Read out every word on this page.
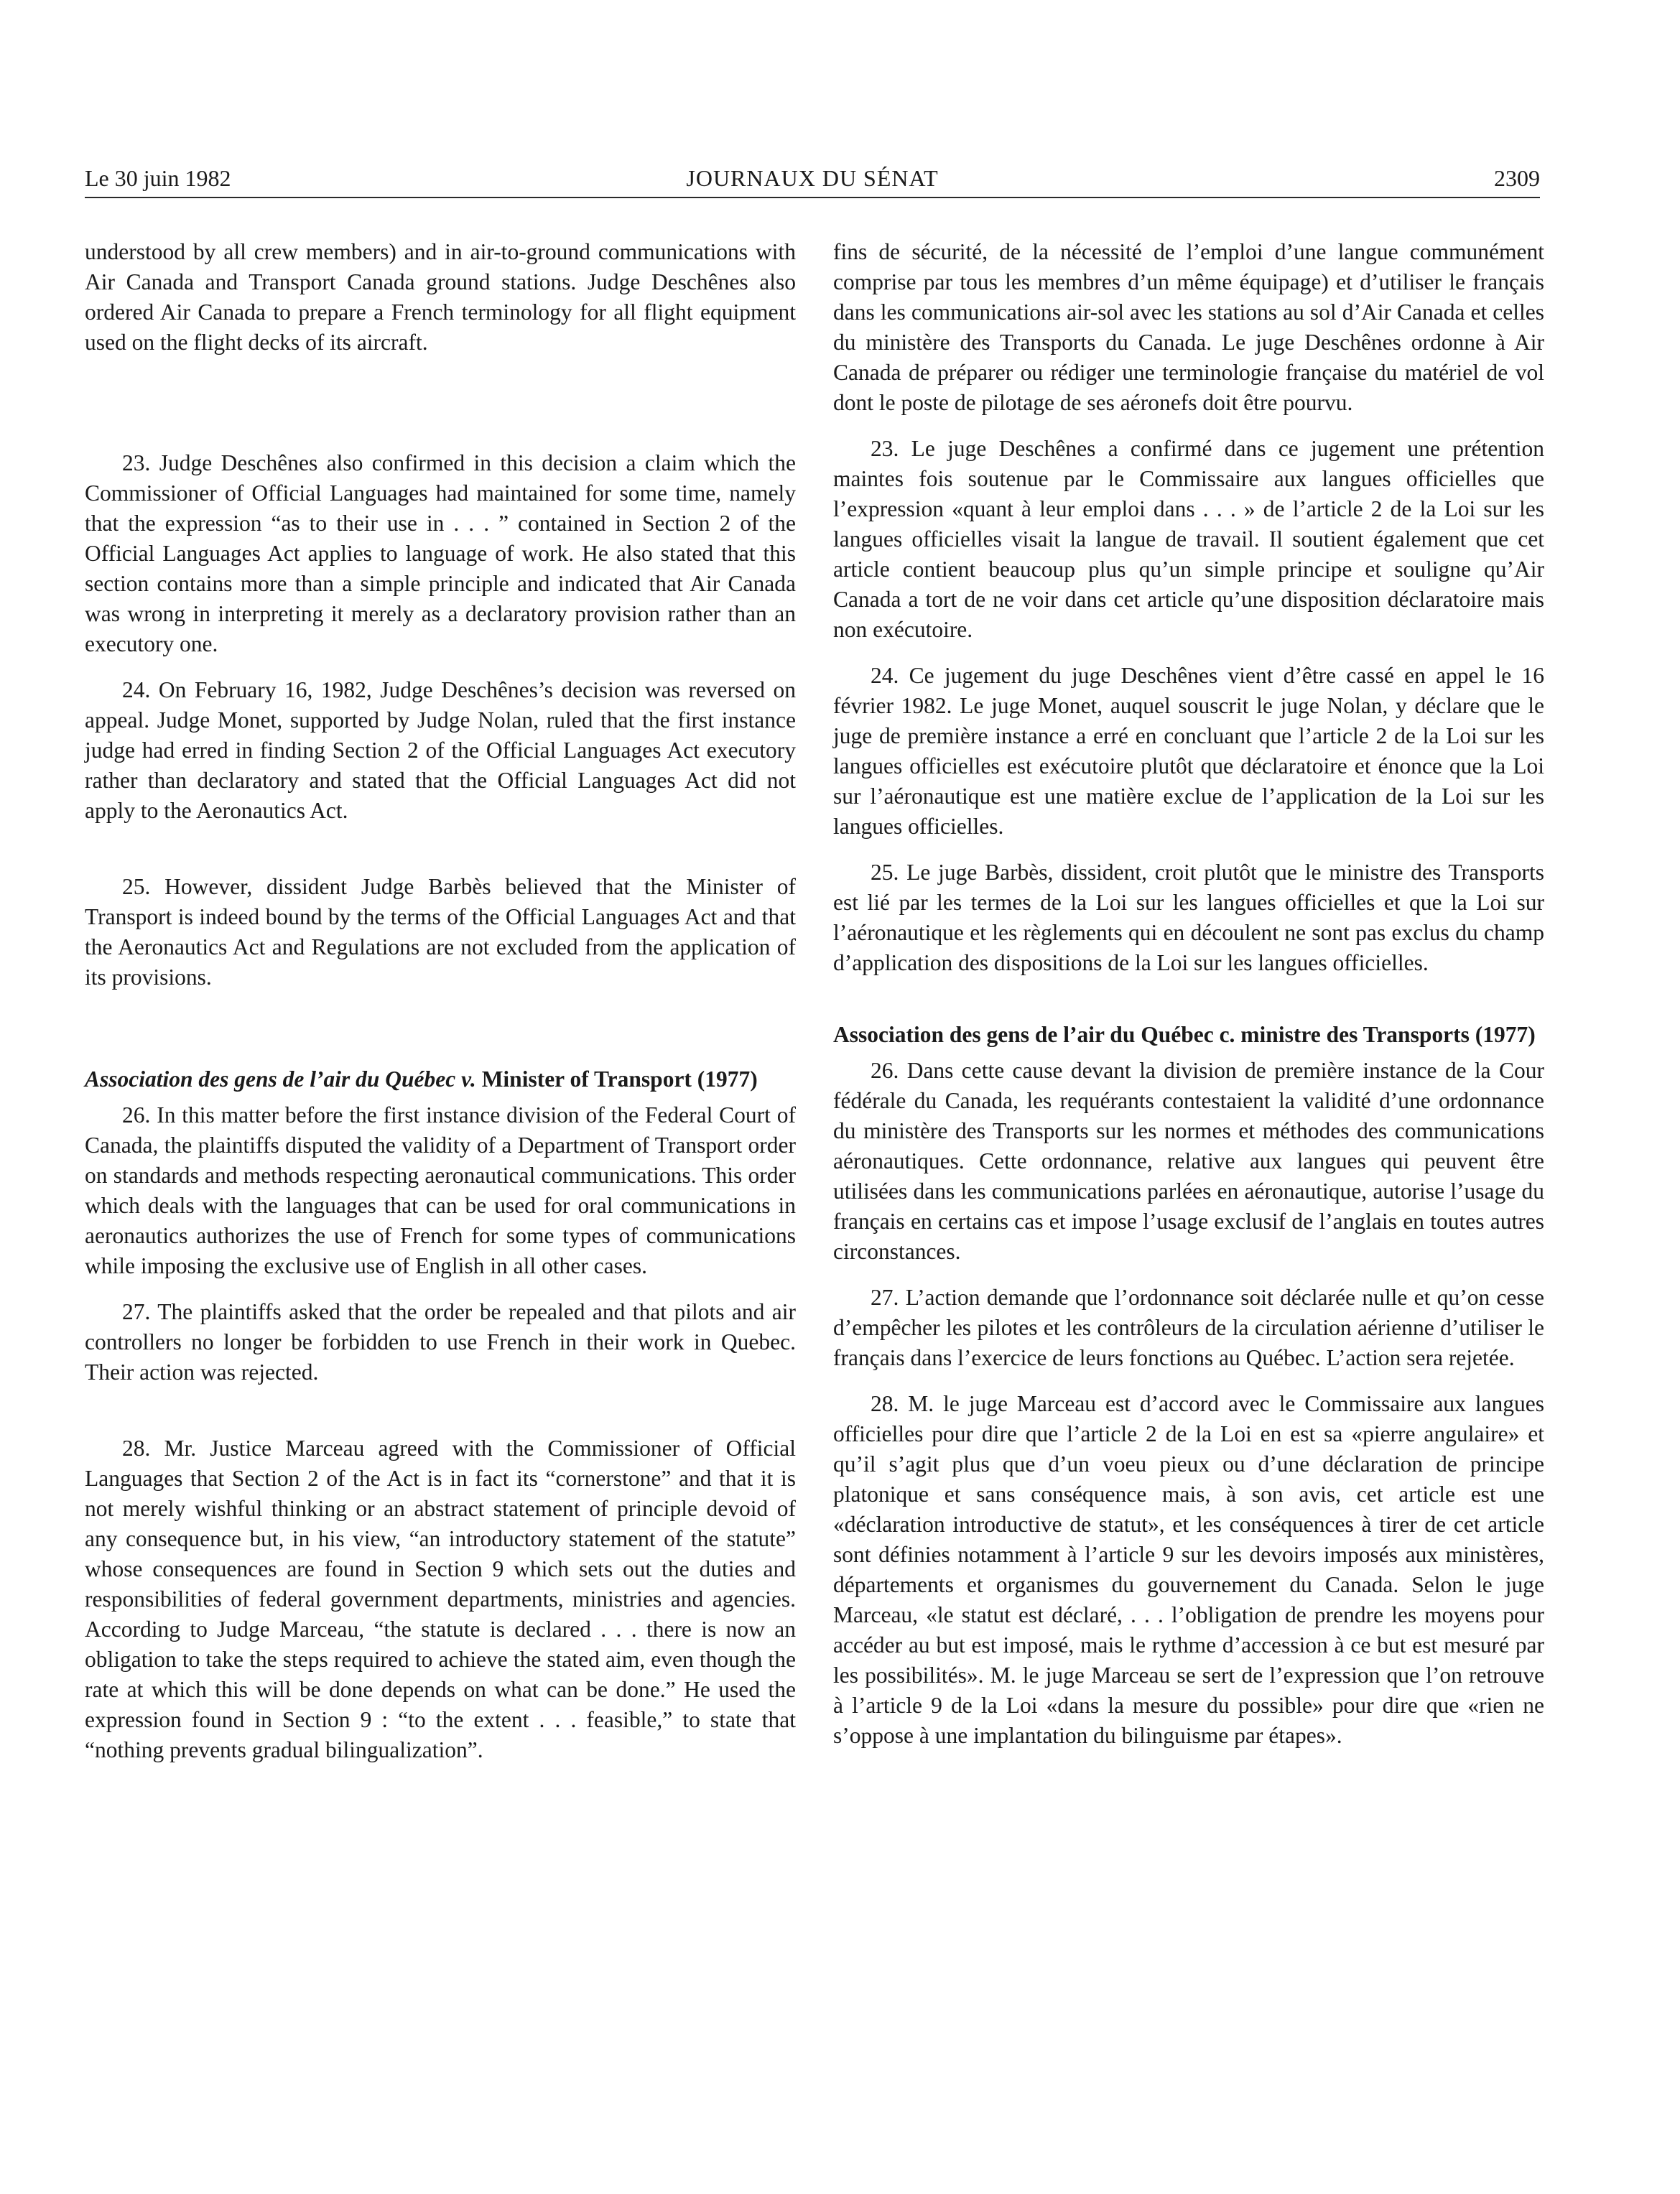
Le 30 juin 1982	JOURNAUX DU SÉNAT	2309

understood by all crew members) and in air-to-ground communications with Air Canada and Transport Canada ground stations. Judge Deschênes also ordered Air Canada to prepare a French terminology for all flight equipment used on the flight decks of its aircraft.

23. Judge Deschênes also confirmed in this decision a claim which the Commissioner of Official Languages had maintained for some time, namely that the expression “as to their use in . . . ” contained in Section 2 of the Official Languages Act applies to language of work. He also stated that this section contains more than a simple principle and indicated that Air Canada was wrong in interpreting it merely as a declaratory provision rather than an executory one.

24. On February 16, 1982, Judge Deschênes’s decision was reversed on appeal. Judge Monet, supported by Judge Nolan, ruled that the first instance judge had erred in finding Section 2 of the Official Languages Act executory rather than declaratory and stated that the Official Languages Act did not apply to the Aeronautics Act.

25. However, dissident Judge Barbès believed that the Minister of Transport is indeed bound by the terms of the Official Languages Act and that the Aeronautics Act and Regulations are not excluded from the application of its provisions.

Association des gens de l’air du Québec v. Minister of Transport (1977)

26. In this matter before the first instance division of the Federal Court of Canada, the plaintiffs disputed the validity of a Department of Transport order on standards and methods respecting aeronautical communications. This order which deals with the languages that can be used for oral communications in aeronautics authorizes the use of French for some types of communications while imposing the exclusive use of English in all other cases.

27. The plaintiffs asked that the order be repealed and that pilots and air controllers no longer be forbidden to use French in their work in Quebec. Their action was rejected.

28. Mr. Justice Marceau agreed with the Commissioner of Official Languages that Section 2 of the Act is in fact its “cornerstone” and that it is not merely wishful thinking or an abstract statement of principle devoid of any consequence but, in his view, “an introductory statement of the statute” whose consequences are found in Section 9 which sets out the duties and responsibilities of federal government departments, ministries and agencies. According to Judge Marceau, “the statute is declared . . . there is now an obligation to take the steps required to achieve the stated aim, even though the rate at which this will be done depends on what can be done.” He used the expression found in Section 9 : “to the extent . . . feasible,” to state that “nothing prevents gradual bilingualization”.

fins de sécurité, de la nécessité de l’emploi d’une langue communément comprise par tous les membres d’un même équipage) et d’utiliser le français dans les communications air-sol avec les stations au sol d’Air Canada et celles du ministère des Transports du Canada. Le juge Deschênes ordonne à Air Canada de préparer ou rédiger une terminologie française du matériel de vol dont le poste de pilotage de ses aéronefs doit être pourvu.

23. Le juge Deschênes a confirmé dans ce jugement une prétention maintes fois soutenue par le Commissaire aux langues officielles que l’expression «quant à leur emploi dans . . . » de l’article 2 de la Loi sur les langues officielles visait la langue de travail. Il soutient également que cet article contient beaucoup plus qu’un simple principe et souligne qu’Air Canada a tort de ne voir dans cet article qu’une disposition déclaratoire mais non exécutoire.

24. Ce jugement du juge Deschênes vient d’être cassé en appel le 16 février 1982. Le juge Monet, auquel souscrit le juge Nolan, y déclare que le juge de première instance a erré en concluant que l’article 2 de la Loi sur les langues officielles est exécutoire plutôt que déclaratoire et énonce que la Loi sur l’aéronautique est une matière exclue de l’application de la Loi sur les langues officielles.

25. Le juge Barbès, dissident, croit plutôt que le ministre des Transports est lié par les termes de la Loi sur les langues officielles et que la Loi sur l’aéronautique et les règlements qui en découlent ne sont pas exclus du champ d’application des dispositions de la Loi sur les langues officielles.

Association des gens de l’air du Québec c. ministre des Transports (1977)

26. Dans cette cause devant la division de première instance de la Cour fédérale du Canada, les requérants contestaient la validité d’une ordonnance du ministère des Transports sur les normes et méthodes des communications aéronautiques. Cette ordonnance, relative aux langues qui peuvent être utilisées dans les communications parlées en aéronautique, autorise l’usage du français en certains cas et impose l’usage exclusif de l’anglais en toutes autres circonstances.

27. L’action demande que l’ordonnance soit déclarée nulle et qu’on cesse d’empêcher les pilotes et les contrôleurs de la circulation aérienne d’utiliser le français dans l’exercice de leurs fonctions au Québec. L’action sera rejetée.

28. M. le juge Marceau est d’accord avec le Commissaire aux langues officielles pour dire que l’article 2 de la Loi en est sa «pierre angulaire» et qu’il s’agit plus que d’un voeu pieux ou d’une déclaration de principe platonique et sans conséquence mais, à son avis, cet article est une «déclaration introductive de statut», et les conséquences à tirer de cet article sont définies notamment à l’article 9 sur les devoirs imposés aux ministères, départements et organismes du gouvernement du Canada. Selon le juge Marceau, «le statut est déclaré, . . . l’obligation de prendre les moyens pour accéder au but est imposé, mais le rythme d’accession à ce but est mesuré par les possibilités». M. le juge Marceau se sert de l’expression que l’on retrouve à l’article 9 de la Loi «dans la mesure du possible» pour dire que «rien ne s’oppose à une implantation du bilinguisme par étapes».
